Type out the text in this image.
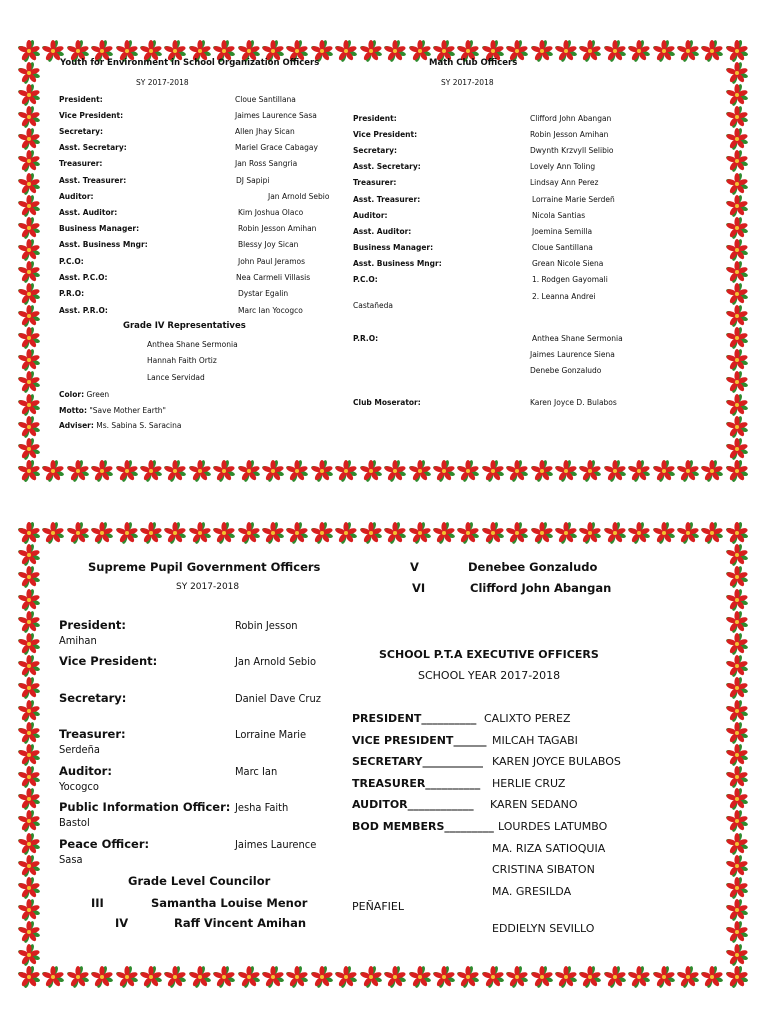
Youth for Environment in School Organization Officers
SY 2017-2018
President:	Cloue Santillana
Vice President:	Jaimes Laurence Sasa
Secretary:	Allen Jhay Sican
Asst. Secretary:	Mariel Grace Cabagay
Treasurer:	Jan Ross Sangria
Asst. Treasurer:	DJ Sapipi
Auditor:	Jan Arnold Sebio
Asst. Auditor:	Kim Joshua Olaco
Business Manager:	Robin Jesson Amihan
Asst. Business Mngr:	Blessy Joy Sican
P.C.O:	John Paul Jeramos
Asst. P.C.O:	Nea Carmeli Villasis
P.R.O:	Dystar Egalin
Asst. P.R.O:	Marc Ian Yocogco
Grade IV Representatives
Anthea Shane Sermonia
Hannah Faith Ortiz
Lance Servidad
Color: Green
Motto: "Save Mother Earth"
Adviser: Ms. Sabina S. Saracina
Math Club Officers
SY 2017-2018
President:	Clifford John Abangan
Vice President:	Robin Jesson Amihan
Secretary:	Dwynth Krzvyll Selibio
Asst. Secretary:	Lovely Ann Toling
Treasurer:	Lindsay Ann Perez
Asst. Treasurer:	Lorraine Marie Serdeñ
Auditor:	Nicola Santias
Asst. Auditor:	Joemina Semilla
Business Manager:	Cloue Santillana
Asst. Business Mngr:	Grean Nicole Siena
P.C.O:	1. Rodgen Gayomali
2. Leanna Andrei
Castañeda
P.R.O:	Anthea Shane Sermonia
Jaimes Laurence Siena
Denebe Gonzaludo
Club Moserator:	Karen Joyce D. Bulabos
Supreme Pupil Government Officers
SY 2017-2018
President:	Robin Jesson
Amihan
Vice President:	Jan Arnold Sebio
Secretary:	Daniel Dave Cruz
Treasurer:	Lorraine Marie
Serdeña
Auditor:	Marc Ian
Yocogco
Public Information Officer: Jesha Faith
Bastol
Peace Officer:	Jaimes Laurence
Sasa
Grade Level Councilor
III	Samantha Louise Menor
IV	Raff Vincent Amihan
V	Denebee Gonzaludo
VI	Clifford John Abangan
SCHOOL P.T.A EXECUTIVE OFFICERS
SCHOOL YEAR 2017-2018
PRESIDENT__________ CALIXTO PEREZ
VICE PRESIDENT______ MILCAH TAGABI
SECRETARY___________ KAREN JOYCE BULABOS
TREASURER__________ HERLIE CRUZ
AUDITOR____________ KAREN SEDANO
BOD MEMBERS_________ LOURDES LATUMBO
MA. RIZA SATIOQUIA
CRISTINA SIBATON
MA. GRESILDA
PEÑAFIEL
EDDIELYN SEVILLO
